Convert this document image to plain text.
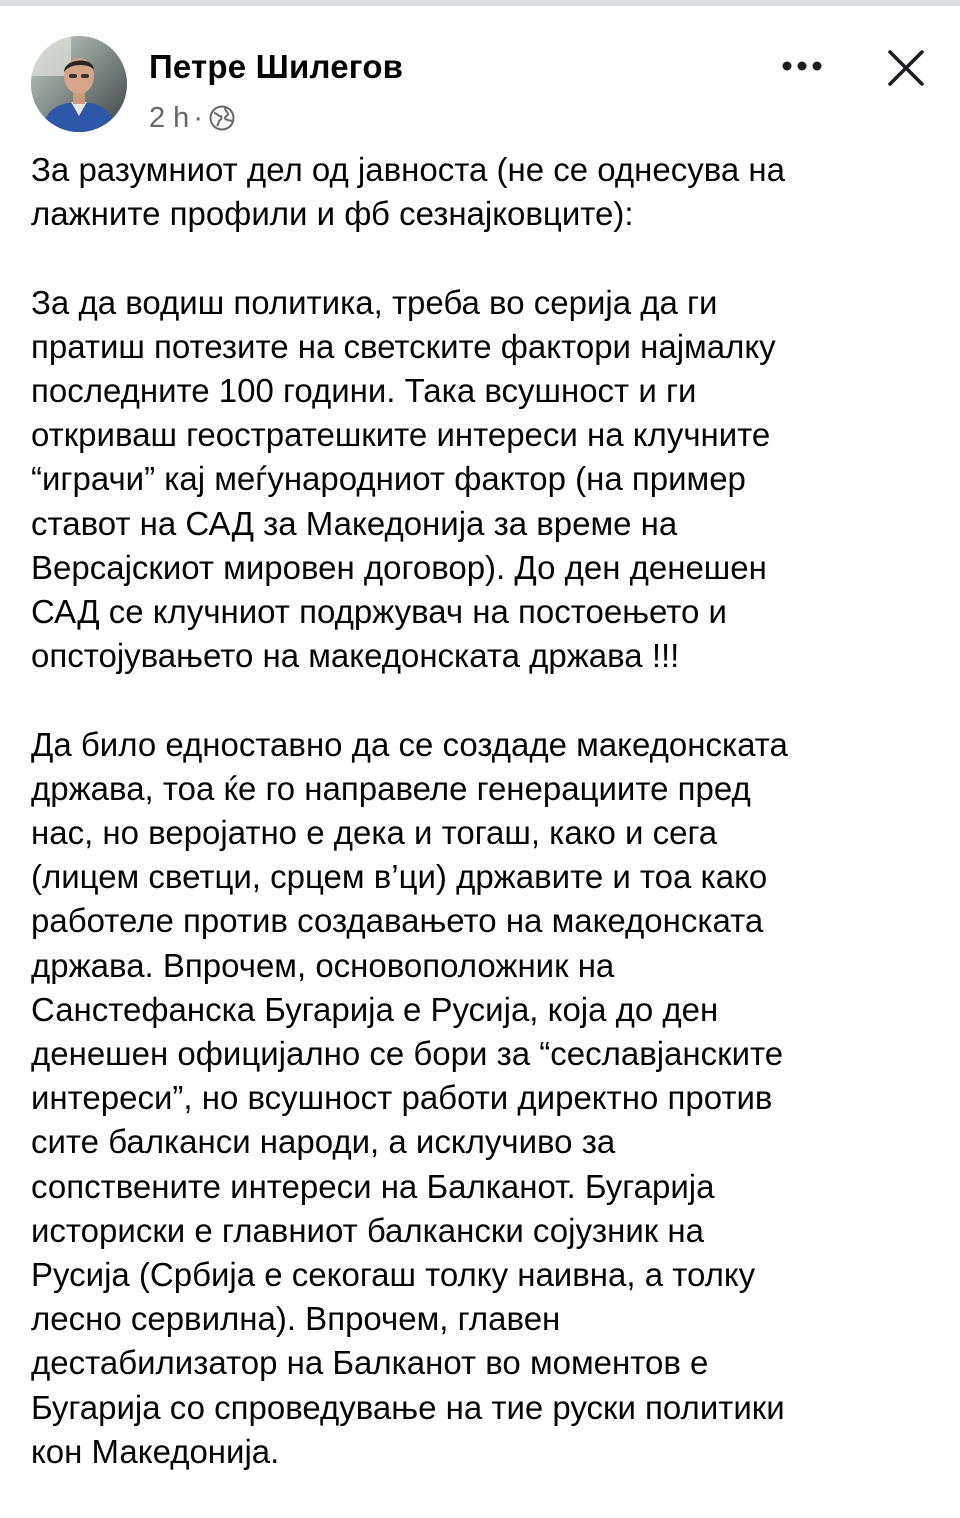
Петре Шилегов
2 h ·
За разумниот дел од јавноста (не се однесува на
лажните профили и фб сезнајковците):
За да водиш политика, треба во серија да ги
пратиш потезите на светските фактори најмалку
последните 100 години. Така всушност и ги
откриваш геостратешките интереси на клучните
“играчи” кај меѓународниот фактор (на пример
ставот на САД за Македонија за време на
Версајскиот мировен договор). До ден денешен
САД се клучниот подржувач на постоењето и
опстојувањето на македонската држава !!!
Да било едноставно да се создаде македонската
држава, тоа ќе го направеле генерациите пред
нас, но веројатно е дека и тогаш, како и сега
(лицем светци, срцем в’ци) државите и тоа како
работеле против создавањето на македонската
држава. Впрочем, основоположник на
Санстефанска Бугарија е Русија, која до ден
денешен официјално се бори за “сеславјанските
интереси”, но всушност работи директно против
сите балканси народи, а исклучиво за
сопствените интереси на Балканот. Бугарија
историски е главниот балкански сојузник на
Русија (Србија е секогаш толку наивна, а толку
лесно сервилна). Впрочем, главен
дестабилизатор на Балканот во моментов е
Бугарија со спроведување на тие руски политики
кон Македонија.
